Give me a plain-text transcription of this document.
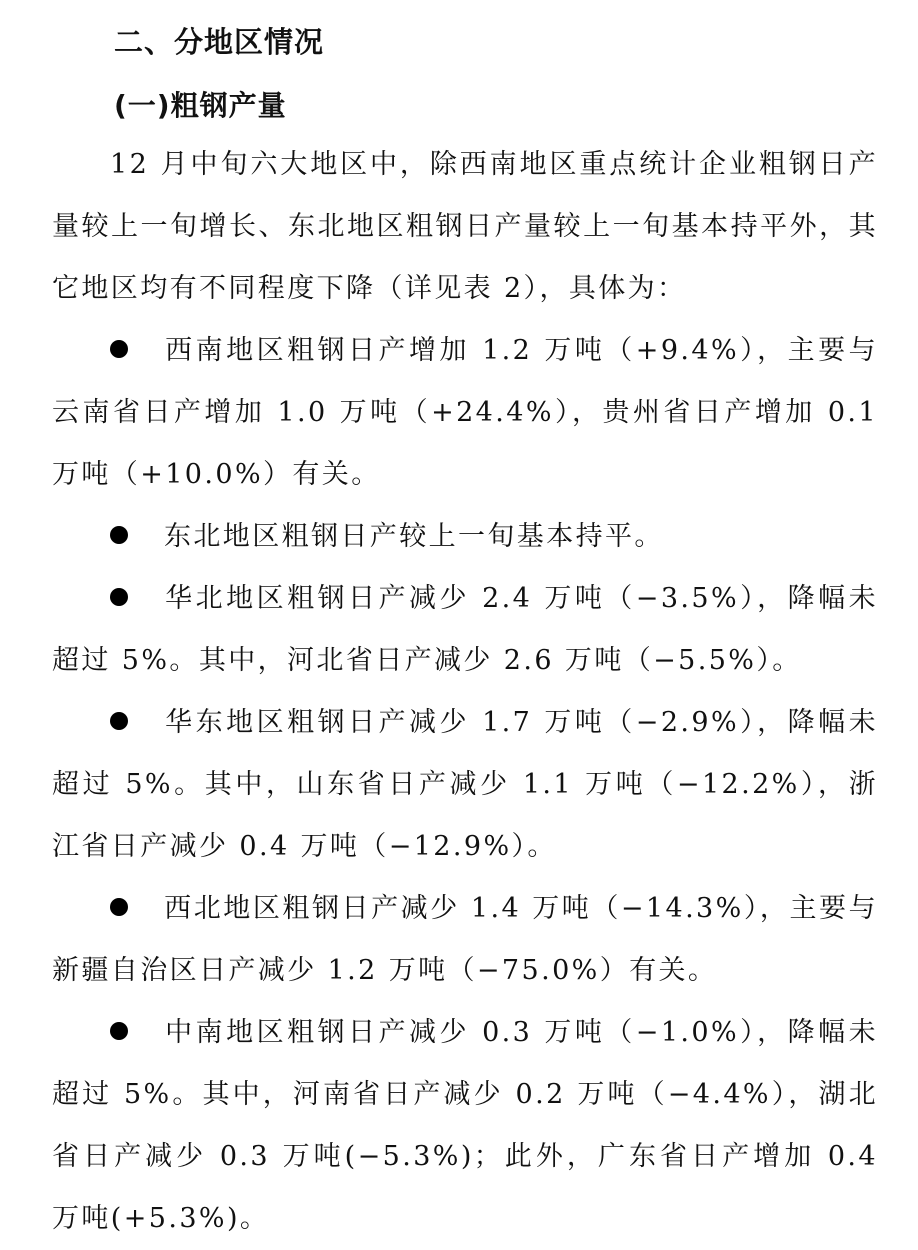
二、分地区情况
(一)粗钢产量

12 月中旬六大地区中，除西南地区重点统计企业粗钢日产量较上一旬增长、东北地区粗钢日产量较上一旬基本持平外，其它地区均有不同程度下降（详见表 2），具体为：

西南地区粗钢日产增加 1.2 万吨（+9.4%），主要与云南省日产增加 1.0 万吨（+24.4%），贵州省日产增加 0.1 万吨（+10.0%）有关。

东北地区粗钢日产较上一旬基本持平。

华北地区粗钢日产减少 2.4 万吨（−3.5%），降幅未超过 5%。其中，河北省日产减少 2.6 万吨（−5.5%）。

华东地区粗钢日产减少 1.7 万吨（−2.9%），降幅未超过 5%。其中，山东省日产减少 1.1 万吨（−12.2%），浙江省日产减少 0.4 万吨（−12.9%）。

西北地区粗钢日产减少 1.4 万吨（−14.3%），主要与新疆自治区日产减少 1.2 万吨（−75.0%）有关。

中南地区粗钢日产减少 0.3 万吨（−1.0%），降幅未超过 5%。其中，河南省日产减少 0.2 万吨（−4.4%），湖北省日产减少 0.3 万吨(−5.3%)；此外，广东省日产增加 0.4 万吨(+5.3%)。
